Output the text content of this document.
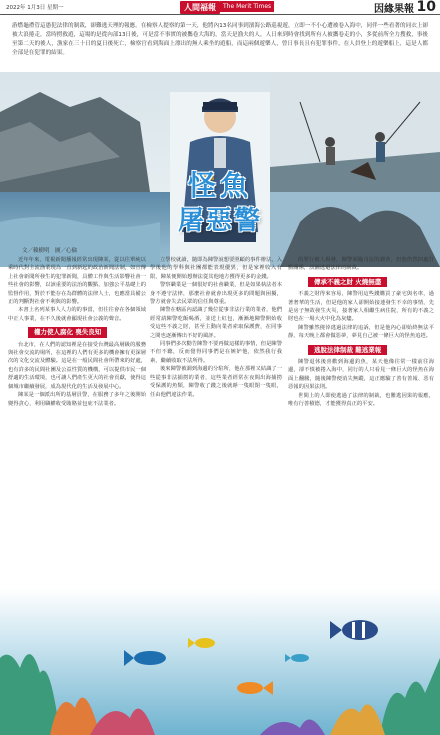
2022年 1月3日 星期一	人間福報	The Merit Times	因緣果報 10
游燃龜禮管這愚犯法律的制裁，卻難逃天理的報應。在檢察人提察的第一天，他將內13名同事到濱海公路巡視遊，立即一不小心遭被卷入海中，同伴一些看著的同衣上卻被大浪捲走，當時撈救遊，這場的是從內部13日後，可是當不事實的被攜卷大海的，當天是漁夫的人，人日來到時會找到所有人被攜卷走的小，多從前所全力搜救，事後至第二天的後人，漁家在三十日的夏日後死亡，檢察官看到海面上漂出的無人乘坐的遊船，而這兩個遊樂人，曾日事長且有犯罪事件，在人員登上的遊樂船上，這是人都全部是在犯罪的結果。
怪魚
屠惡警
文／賴樹明　圖／心倫

近年年來，電視新聞播報經常出現陳某，從以往單純以乘時代對主流漁業現為一直到新起的政治新聞法制，如宣傳上社會新聞所發生的犯罪新聞，具體工作與生活影響社會一些社會的影響，以該重要的法治的觀點，加強公平基礎上的監督作用，對於不能存在為群體的法律人士，也應當具備公正的判斷對社會不利與的影響。

本書上名列某事人人力的的事當，但往往會在各個領域中正人事業，在不久後就會顯現社會公義的聲音。

權力使人腐化 喪失良知

台北市，在人們的認知裡是在接受台灣最高層級的服務與社會交流的場所，在這裡的人們有更多的機會擁有更深層次的文化交流及體驗。這是在一般民間社會所帶來的好處，也有許多的民間社團及公益性質的機構，可以提供市民一個舒適的生活環境，也可讓人們產生更大的社會貢獻，使得這個城市繼續發展，成為現代化的生活及發展中心。

陳某是一個派出所的基層員警，在服務了多年之後開始變得貪心，利用職權收受賄賂並包庇不法業者。

立學校就讀，隨即為陳警說想要照顧的事件辦法，入學後他的學科與社團都能表現優異，但是家裡收入有限，陳某便開始想辦法從其他地方獲得更多的金錢。

警察職業是一個很好的社會職業，但是如果執法者本身不遵守法律，那麼社會就會出現更多的問題與困擾，警方就會失去民眾的信任與尊重。

陳警在轄區內認識了幾位從事非法行業的業者，他們經常請陳警吃飯喝酒，並送上紅包，漸漸地陳警開始收受這些不義之財，甚至主動向業者索取保護費，在同事之間也逐漸傳出不好的風評。

同事們多次勸告陳警不要再做這樣的事情，但是陳警不但不聽，反而覺得同事們是在嫉妒他，依然我行我素，繼續收取不法所得。

後來陳警被調到海邊的分駐所，他在那裡又結識了一些從事非法捕撈的業者，這些業者經常在夜間出海捕撈受保護的魚類，陳警收了錢之後就睜一隻眼閉一隻眼，任由他們違法作業。

的罪行被人揭發，陳警面臨司法的調查，但他仍然四處打點關係，試圖逃避法律的制裁。

傳承不義之財 火燒無盡

不義之財得來容易，陳警用這些錢購買了豪宅與名車，過著奢華的生活，但是他的家人卻開始接連發生不幸的事情，先是房子無故發生火災，接著家人相繼生病住院，所有的不義之財也在一場大火中化為灰燼。

陳警雖然僥倖逃過法律的追訴，但是他內心卻始終無法平靜，每天晚上都會做惡夢，夢見自己被一條巨大的怪魚追趕。

逃脫法律制裁 難逃業報

陳警退休後喜歡到海邊釣魚，某天他像往常一樣前往海邊，卻不慎被捲入海中，同行的人只看見一條巨大的怪魚在海面上翻騰，隨後陳警便消失無蹤，這正應驗了善有善報、惡有惡報的因果法則。

世間上的人即使逃過了法律的制裁，也難逃因果的報應，唯有行善積德，才能獲得真正的平安。
